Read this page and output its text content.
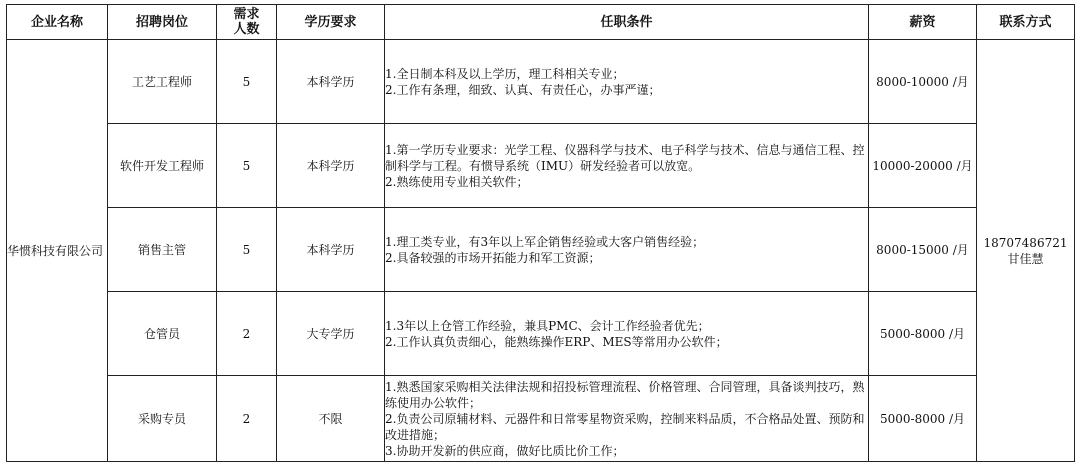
企业名称	招聘岗位	需求人数	学历要求	任职条件	薪资	联系方式
华惯科技有限公司	工艺工程师	5	本科学历	1.全日制本科及以上学历，理工科相关专业；
2.工作有条理，细致、认真、有责任心，办事严谨；	8000-10000 /月	18707486721
甘佳慧

	软件开发工程师	5	本科学历	1.第一学历专业要求：光学工程、仪器科学与技术、电子科学与技术、信息与通信工程、控制科学与工程。有惯导系统（IMU）研发经验者可以放宽。
2.熟练使用专业相关软件；	10000-20000 /月	
	销售主管	5	本科学历	1.理工类专业，有3年以上军企销售经验或大客户销售经验；
2.具备较强的市场开拓能力和军工资源；	8000-15000 /月	
	仓管员	2	大专学历	1.3年以上仓管工作经验，兼具PMC、会计工作经验者优先；
2.工作认真负责细心，能熟练操作ERP、MES等常用办公软件；	5000-8000 /月	
	采购专员	2	不限	1.熟悉国家采购相关法律法规和招投标管理流程、价格管理、合同管理，具备谈判技巧，熟练使用办公软件；
2.负责公司原辅材料、元器件和日常零星物资采购，控制来料品质，不合格品处置、预防和改进措施；
3.协助开发新的供应商，做好比质比价工作；	5000-8000 /月	
